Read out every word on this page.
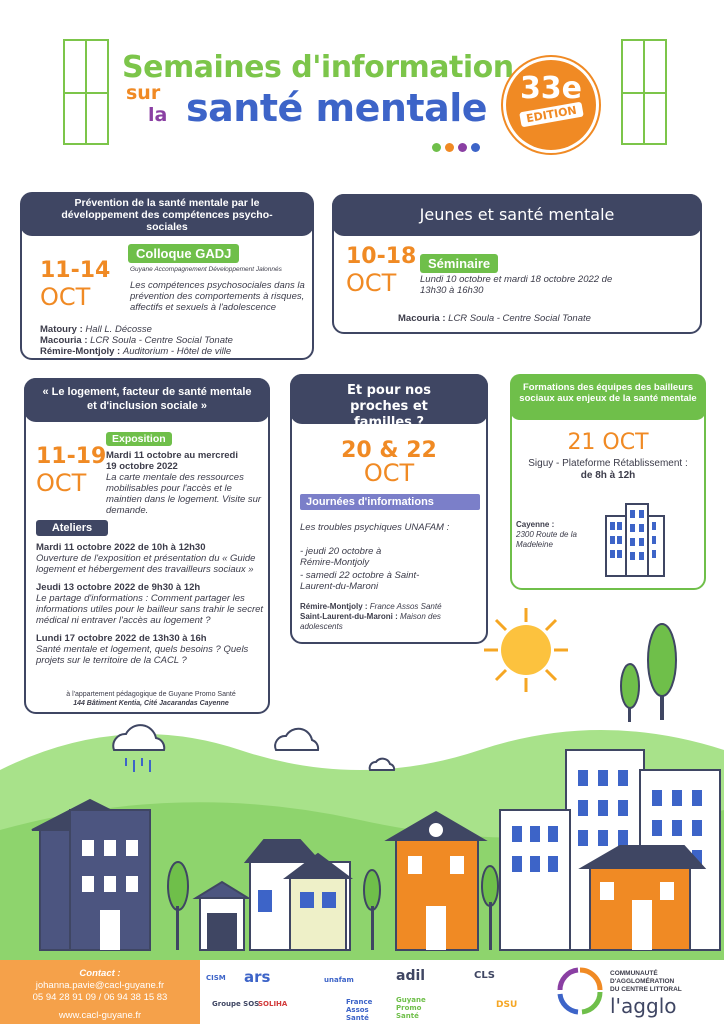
Semaines d'information
sur
la santé mentale	33e
EDITION
Prévention de la santé mentale par le développement des compétences psycho-sociales
11-14
OCT
Colloque GADJ
Guyane Accompagnement Développement Jalonnés
Les compétences psychosociales dans la prévention des comportements à risques, affectifs et sexuels à l'adolescence
Matoury : Hall L. Décosse
Macouria : LCR Soula - Centre Social Tonate
Rémire-Montjoly : Auditorium - Hôtel de ville
Jeunes et santé mentale
10-18
OCT
Séminaire
Lundi 10 octobre et mardi 18 octobre 2022 de 13h30 à 16h30
Macouria : LCR Soula - Centre Social Tonate
« Le logement, facteur de santé mentale et d'inclusion sociale »
11-19
OCT
Exposition
Mardi 11 octobre au mercredi 19 octobre 2022
La carte mentale des ressources mobilisables pour l'accès et le maintien dans le logement. Visite sur demande.
Ateliers
Mardi 11 octobre 2022 de 10h à 12h30
Ouverture de l'exposition et présentation du « Guide logement et hébergement des travailleurs sociaux »
Jeudi 13 octobre 2022 de 9h30 à 12h
Le partage d'informations : Comment partager les informations utiles pour le bailleur sans trahir le secret médical ni entraver l'accès au logement ?
Lundi 17 octobre 2022 de 13h30 à 16h
Santé mentale et logement, quels besoins ? Quels projets sur le territoire de la CACL ?
à l'appartement pédagogique de Guyane Promo Santé
144 Bâtiment Kentia, Cité Jacarandas Cayenne
Et pour nos proches et familles ?
20 & 22
OCT
Journées d'informations
Les troubles psychiques UNAFAM :
- jeudi 20 octobre à Rémire-Montjoly
- samedi 22 octobre à Saint-Laurent-du-Maroni
Rémire-Montjoly : France Assos Santé
Saint-Laurent-du-Maroni : Maison des adolescents
Formations des équipes des bailleurs sociaux aux enjeux de la santé mentale
21 OCT
Siguy - Plateforme Rétablissement :
de 8h à 12h
Cayenne :
2300 Route de la Madeleine
Contact :
johanna.pavie@cacl-guyane.fr
05 94 28 91 09 / 06 94 38 15 83
www.cacl-guyane.fr
CISM ars	unafam	adil	CLS
Groupe SOS
SOLIHA	France Assos Santé
Guyane Promo Santé
DSU
COMMUNAUTÉ D'AGGLOMÉRATION
DU CENTRE LITTORAL
l'agglo
